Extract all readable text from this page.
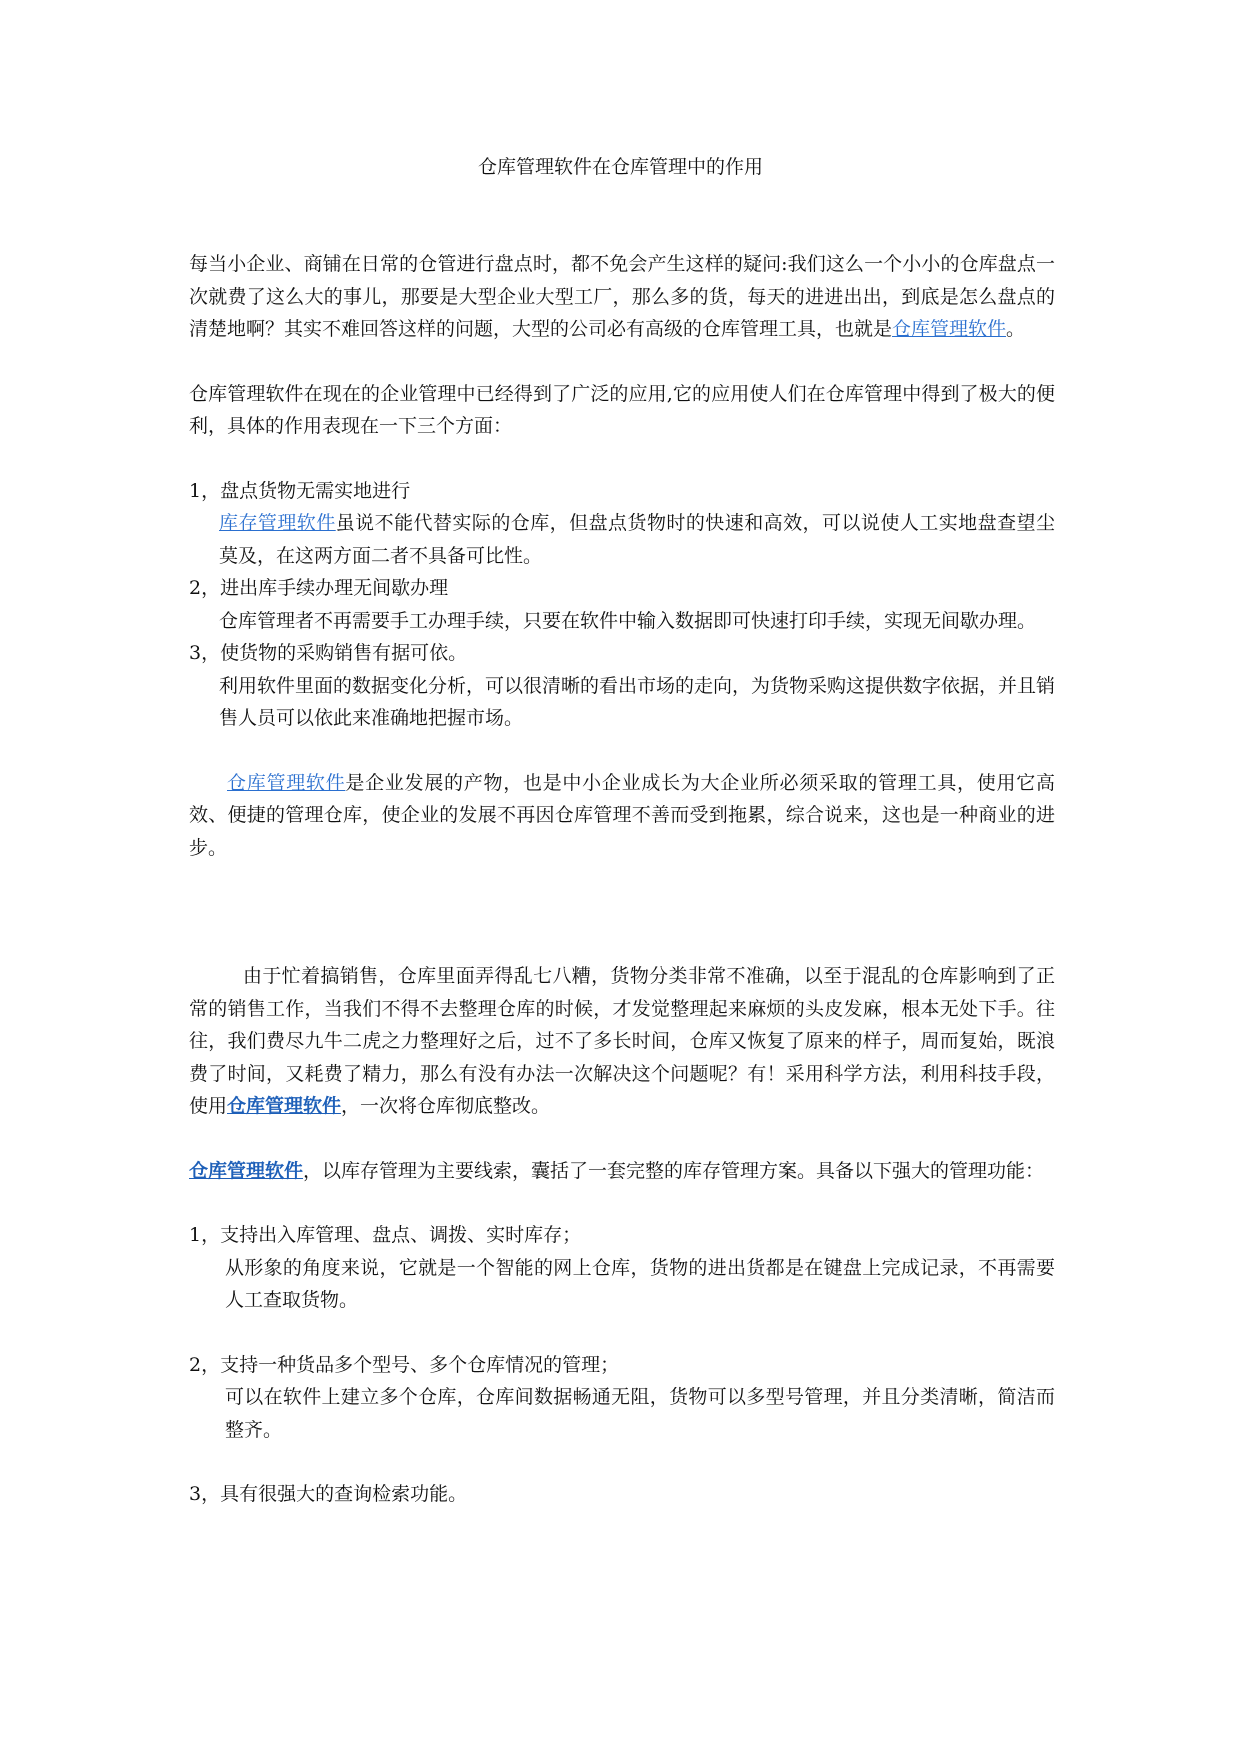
仓库管理软件在仓库管理中的作用

每当小企业、商铺在日常的仓管进行盘点时，都不免会产生这样的疑问:我们这么一个小小的仓库盘点一次就费了这么大的事儿，那要是大型企业大型工厂，那么多的货，每天的进进出出，到底是怎么盘点的清楚地啊？其实不难回答这样的问题，大型的公司必有高级的仓库管理工具，也就是仓库管理软件。

仓库管理软件在现在的企业管理中已经得到了广泛的应用,它的应用使人们在仓库管理中得到了极大的便利，具体的作用表现在一下三个方面：

1，盘点货物无需实地进行

库存管理软件虽说不能代替实际的仓库，但盘点货物时的快速和高效，可以说使人工实地盘查望尘莫及，在这两方面二者不具备可比性。

2，进出库手续办理无间歇办理

仓库管理者不再需要手工办理手续，只要在软件中输入数据即可快速打印手续，实现无间歇办理。

3，使货物的采购销售有据可依。

利用软件里面的数据变化分析，可以很清晰的看出市场的走向，为货物采购这提供数字依据，并且销售人员可以依此来准确地把握市场。

仓库管理软件是企业发展的产物，也是中小企业成长为大企业所必须采取的管理工具，使用它高效、便捷的管理仓库，使企业的发展不再因仓库管理不善而受到拖累，综合说来，这也是一种商业的进步。

由于忙着搞销售，仓库里面弄得乱七八糟，货物分类非常不准确，以至于混乱的仓库影响到了正常的销售工作，当我们不得不去整理仓库的时候，才发觉整理起来麻烦的头皮发麻，根本无处下手。往往，我们费尽九牛二虎之力整理好之后，过不了多长时间，仓库又恢复了原来的样子，周而复始，既浪费了时间，又耗费了精力，那么有没有办法一次解决这个问题呢？有！采用科学方法，利用科技手段，使用仓库管理软件，一次将仓库彻底整改。

仓库管理软件，以库存管理为主要线索，囊括了一套完整的库存管理方案。具备以下强大的管理功能：

1，支持出入库管理、盘点、调拨、实时库存；

从形象的角度来说，它就是一个智能的网上仓库，货物的进出货都是在键盘上完成记录，不再需要人工查取货物。

2，支持一种货品多个型号、多个仓库情况的管理；

可以在软件上建立多个仓库，仓库间数据畅通无阻，货物可以多型号管理，并且分类清晰，简洁而整齐。

3，具有很强大的查询检索功能。
